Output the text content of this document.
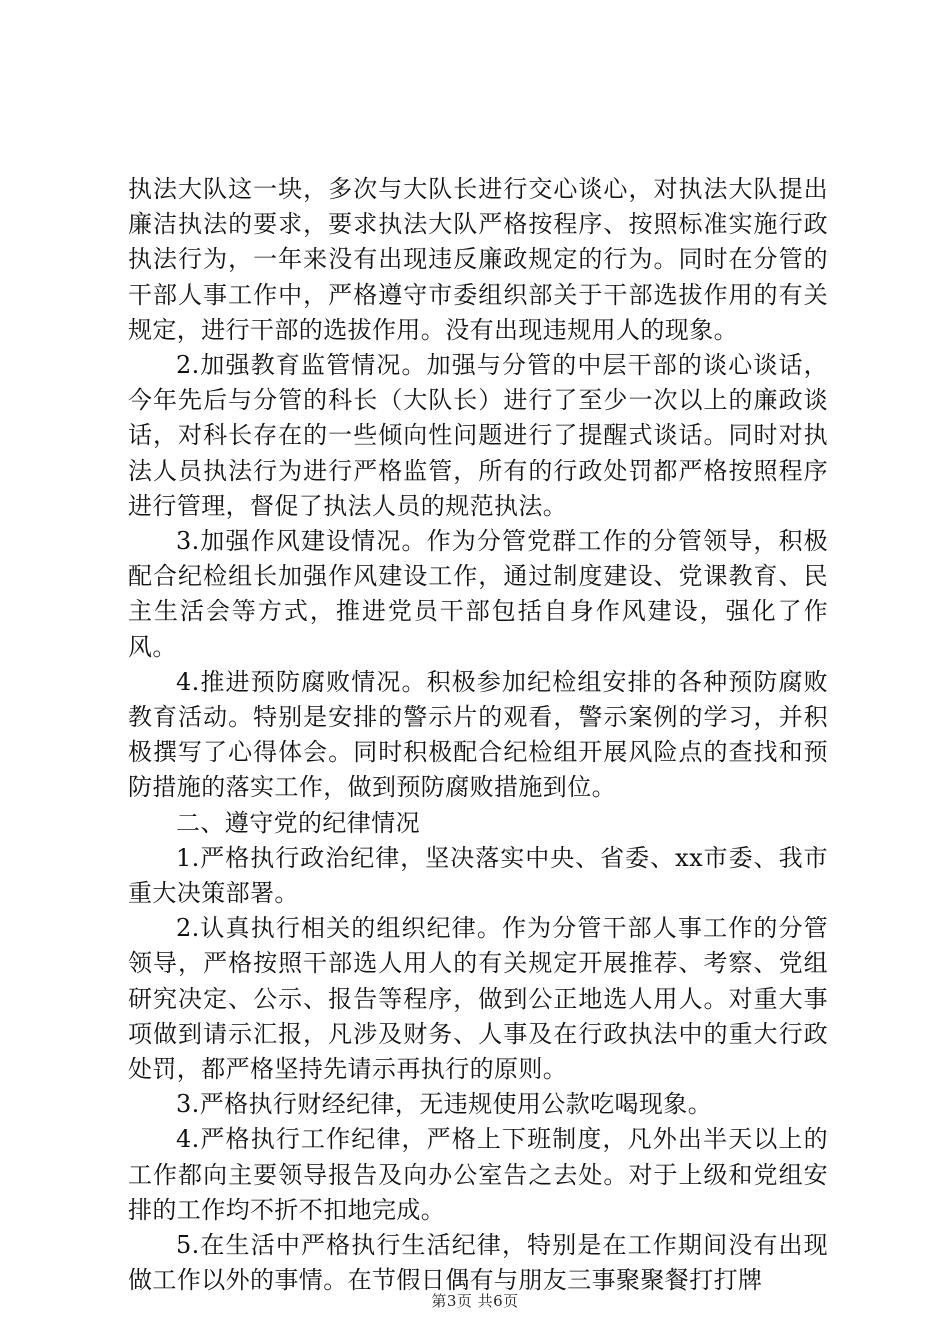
执法大队这一块，多次与大队长进行交心谈心，对执法大队提出廉洁执法的要求，要求执法大队严格按程序、按照标准实施行政执法行为，一年来没有出现违反廉政规定的行为。同时在分管的干部人事工作中，严格遵守市委组织部关于干部选拔作用的有关规定，进行干部的选拔作用。没有出现违规用人的现象。

2.加强教育监管情况。加强与分管的中层干部的谈心谈话，今年先后与分管的科长（大队长）进行了至少一次以上的廉政谈话，对科长存在的一些倾向性问题进行了提醒式谈话。同时对执法人员执法行为进行严格监管，所有的行政处罚都严格按照程序进行管理，督促了执法人员的规范执法。

3.加强作风建设情况。作为分管党群工作的分管领导，积极配合纪检组长加强作风建设工作，通过制度建设、党课教育、民主生活会等方式，推进党员干部包括自身作风建设，强化了作风。

4.推进预防腐败情况。积极参加纪检组安排的各种预防腐败教育活动。特别是安排的警示片的观看，警示案例的学习，并积极撰写了心得体会。同时积极配合纪检组开展风险点的查找和预防措施的落实工作，做到预防腐败措施到位。

二、遵守党的纪律情况

1.严格执行政治纪律，坚决落实中央、省委、xx市委、我市重大决策部署。

2.认真执行相关的组织纪律。作为分管干部人事工作的分管领导，严格按照干部选人用人的有关规定开展推荐、考察、党组研究决定、公示、报告等程序，做到公正地选人用人。对重大事项做到请示汇报，凡涉及财务、人事及在行政执法中的重大行政处罚，都严格坚持先请示再执行的原则。

3.严格执行财经纪律，无违规使用公款吃喝现象。

4.严格执行工作纪律，严格上下班制度，凡外出半天以上的工作都向主要领导报告及向办公室告之去处。对于上级和党组安排的工作均不折不扣地完成。

5.在生活中严格执行生活纪律，特别是在工作期间没有出现做工作以外的事情。在节假日偶有与朋友三事聚聚餐打打牌

第3页 共6页
